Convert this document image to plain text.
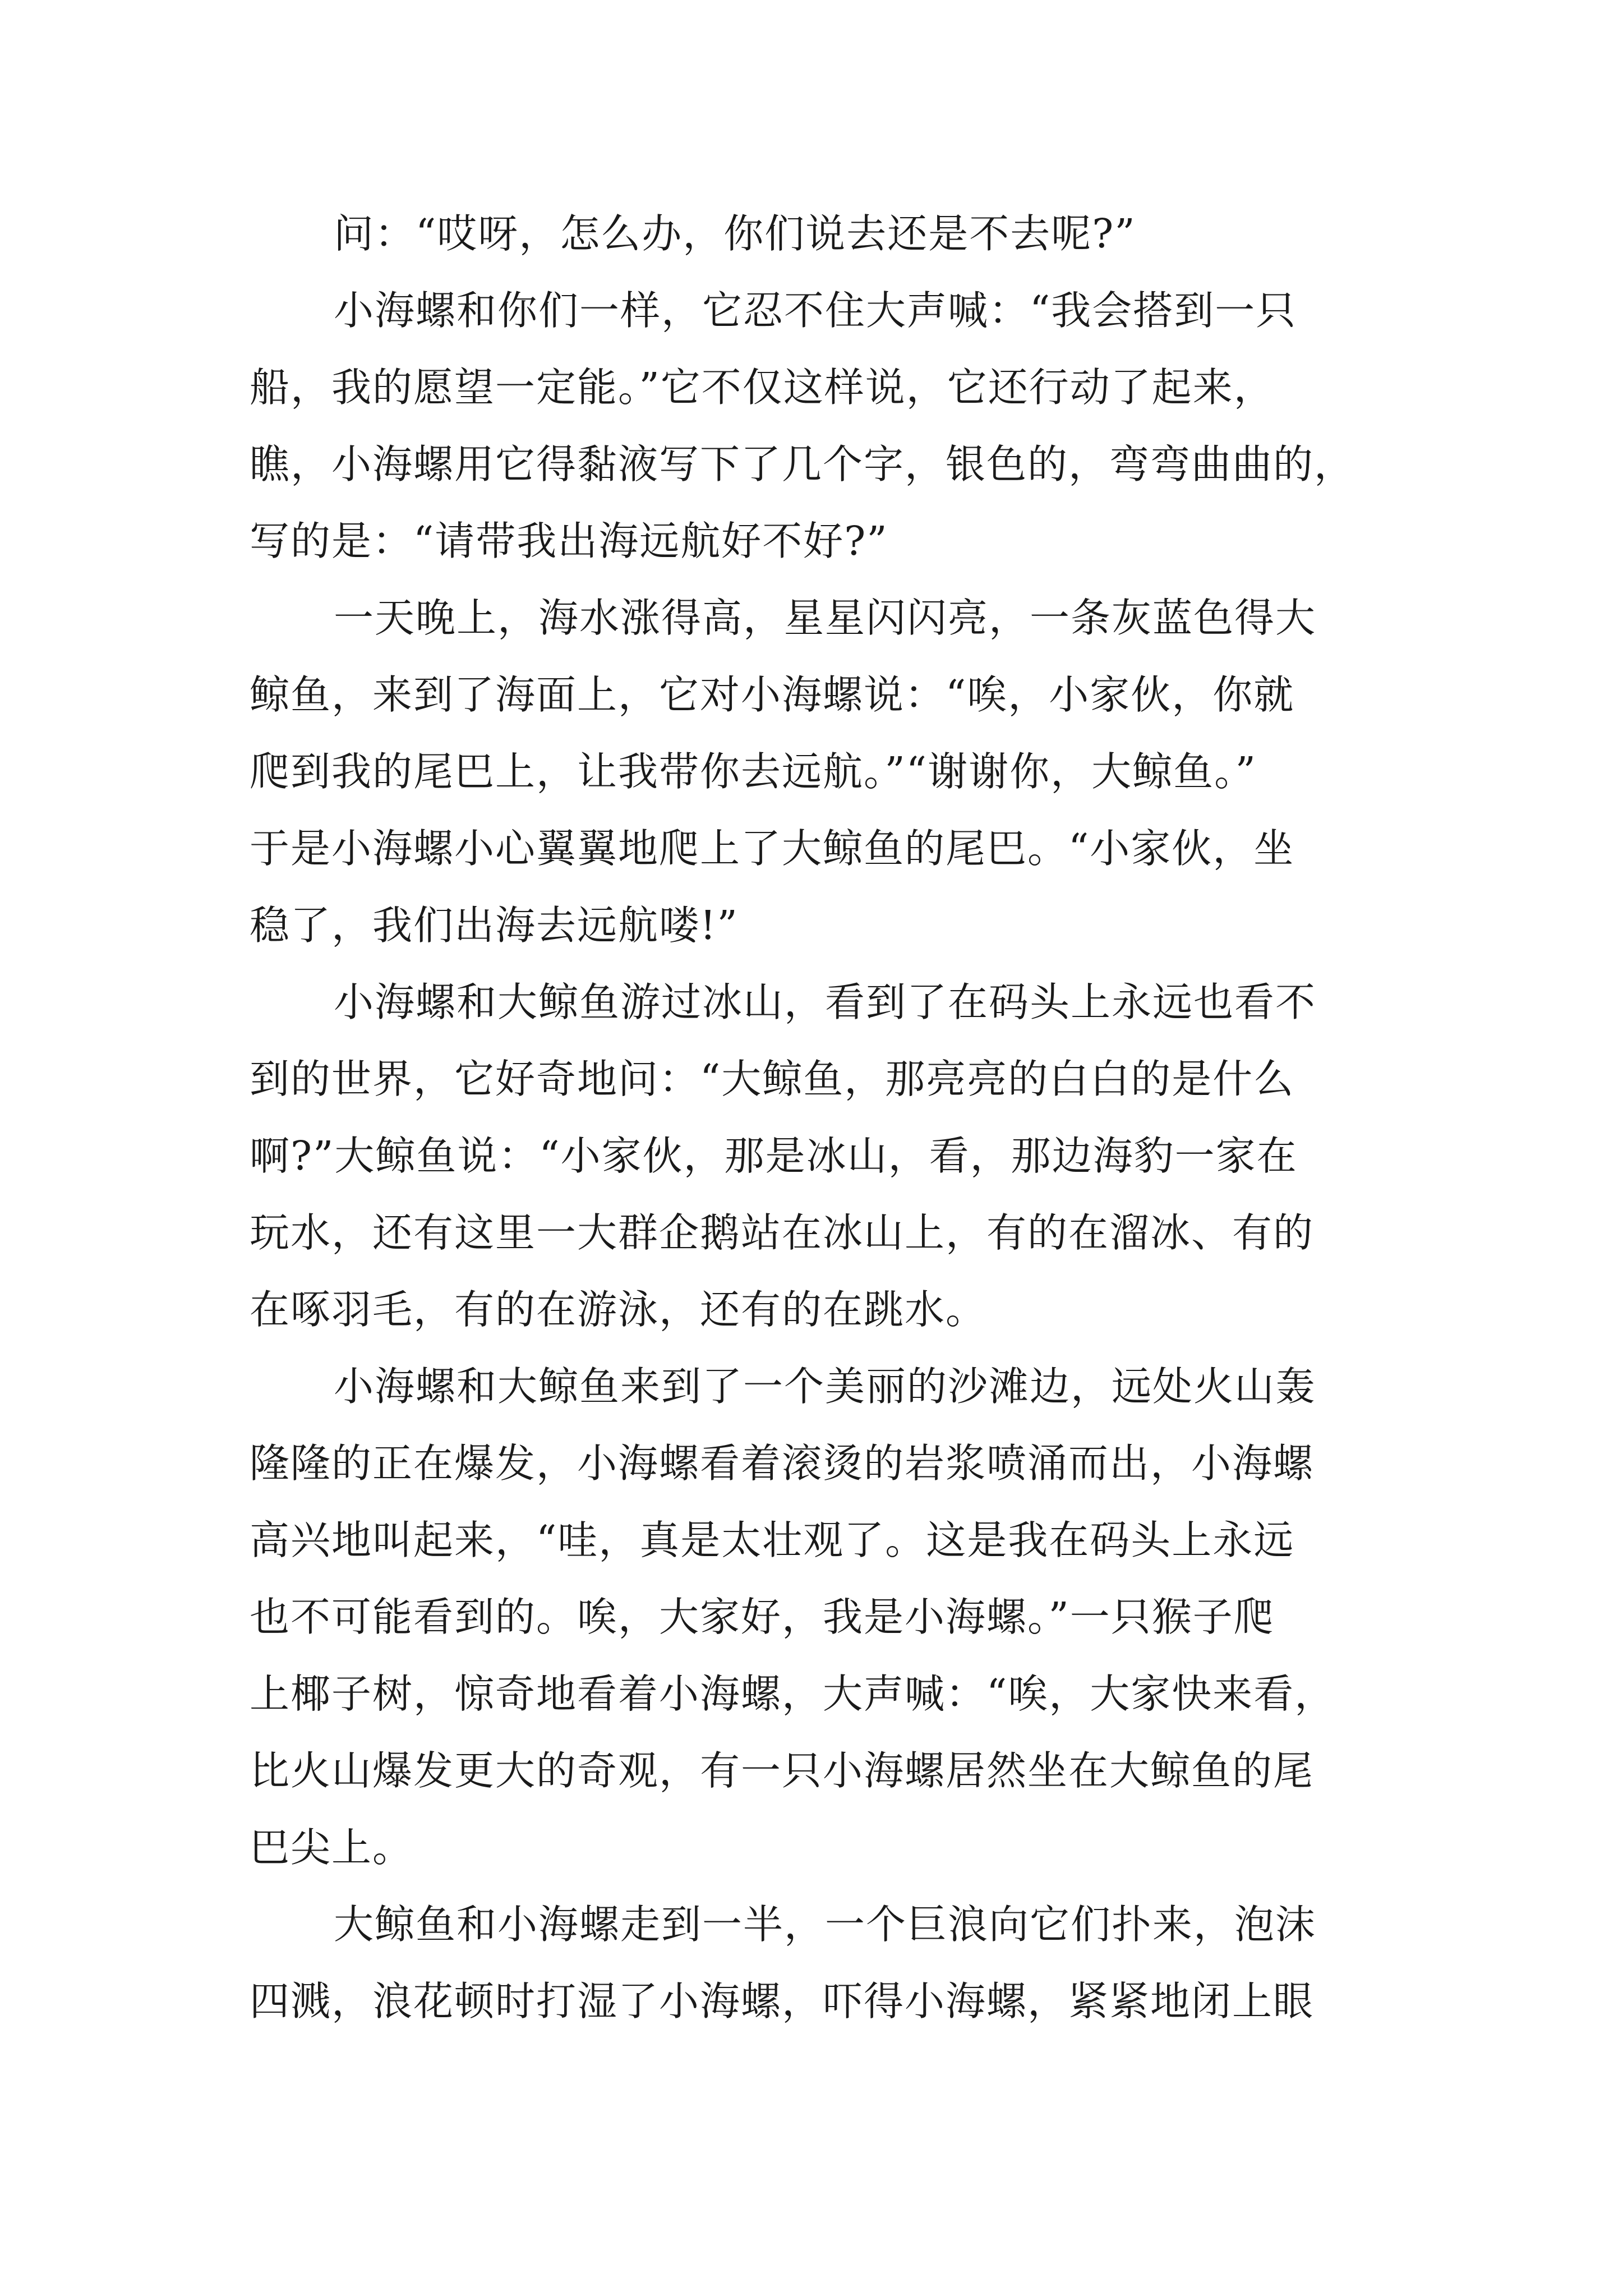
问：“哎呀，怎么办，你们说去还是不去呢?”
小海螺和你们一样，它忍不住大声喊：“我会搭到一只
船，我的愿望一定能。”它不仅这样说，它还行动了起来，
瞧，小海螺用它得黏液写下了几个字，银色的，弯弯曲曲的，
写的是：“请带我出海远航好不好?”
一天晚上，海水涨得高，星星闪闪亮，一条灰蓝色得大
鲸鱼，来到了海面上，它对小海螺说：“唉，小家伙，你就
爬到我的尾巴上，让我带你去远航。”“谢谢你，大鲸鱼。”
于是小海螺小心翼翼地爬上了大鲸鱼的尾巴。“小家伙，坐
稳了，我们出海去远航喽!”
小海螺和大鲸鱼游过冰山，看到了在码头上永远也看不
到的世界，它好奇地问：“大鲸鱼，那亮亮的白白的是什么
啊?”大鲸鱼说：“小家伙，那是冰山，看，那边海豹一家在
玩水，还有这里一大群企鹅站在冰山上，有的在溜冰、有的
在啄羽毛，有的在游泳，还有的在跳水。
小海螺和大鲸鱼来到了一个美丽的沙滩边，远处火山轰
隆隆的正在爆发，小海螺看着滚烫的岩浆喷涌而出，小海螺
高兴地叫起来，“哇，真是太壮观了。这是我在码头上永远
也不可能看到的。唉，大家好，我是小海螺。”一只猴子爬
上椰子树，惊奇地看着小海螺，大声喊：“唉，大家快来看，
比火山爆发更大的奇观，有一只小海螺居然坐在大鲸鱼的尾
巴尖上。
大鲸鱼和小海螺走到一半，一个巨浪向它们扑来，泡沫
四溅，浪花顿时打湿了小海螺，吓得小海螺，紧紧地闭上眼
